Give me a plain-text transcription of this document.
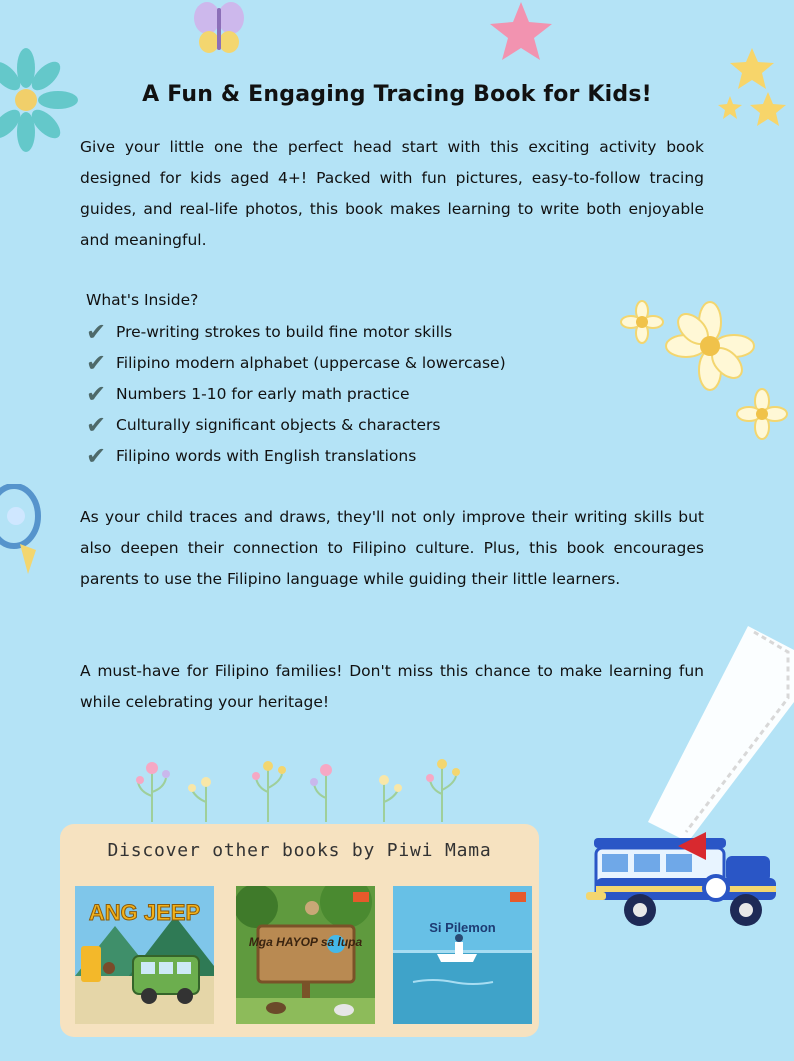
A Fun & Engaging Tracing Book for Kids!

Give your little one the perfect head start with this exciting activity book designed for kids aged 4+! Packed with fun pictures, easy-to-follow tracing guides, and real-life photos, this book makes learning to write both enjoyable and meaningful.

What's Inside?
✔ Pre-writing strokes to build fine motor skills
✔ Filipino modern alphabet (uppercase & lowercase)
✔ Numbers 1-10 for early math practice
✔ Culturally significant objects & characters
✔ Filipino words with English translations

As your child traces and draws, they'll not only improve their writing skills but also deepen their connection to Filipino culture. Plus, this book encourages parents to use the Filipino language while guiding their little learners.

A must-have for Filipino families! Don't miss this chance to make learning fun while celebrating your heritage!

Discover other books by Piwi Mama
ANG JEEP
Mga HAYOP sa lupa
Si Pilemon
